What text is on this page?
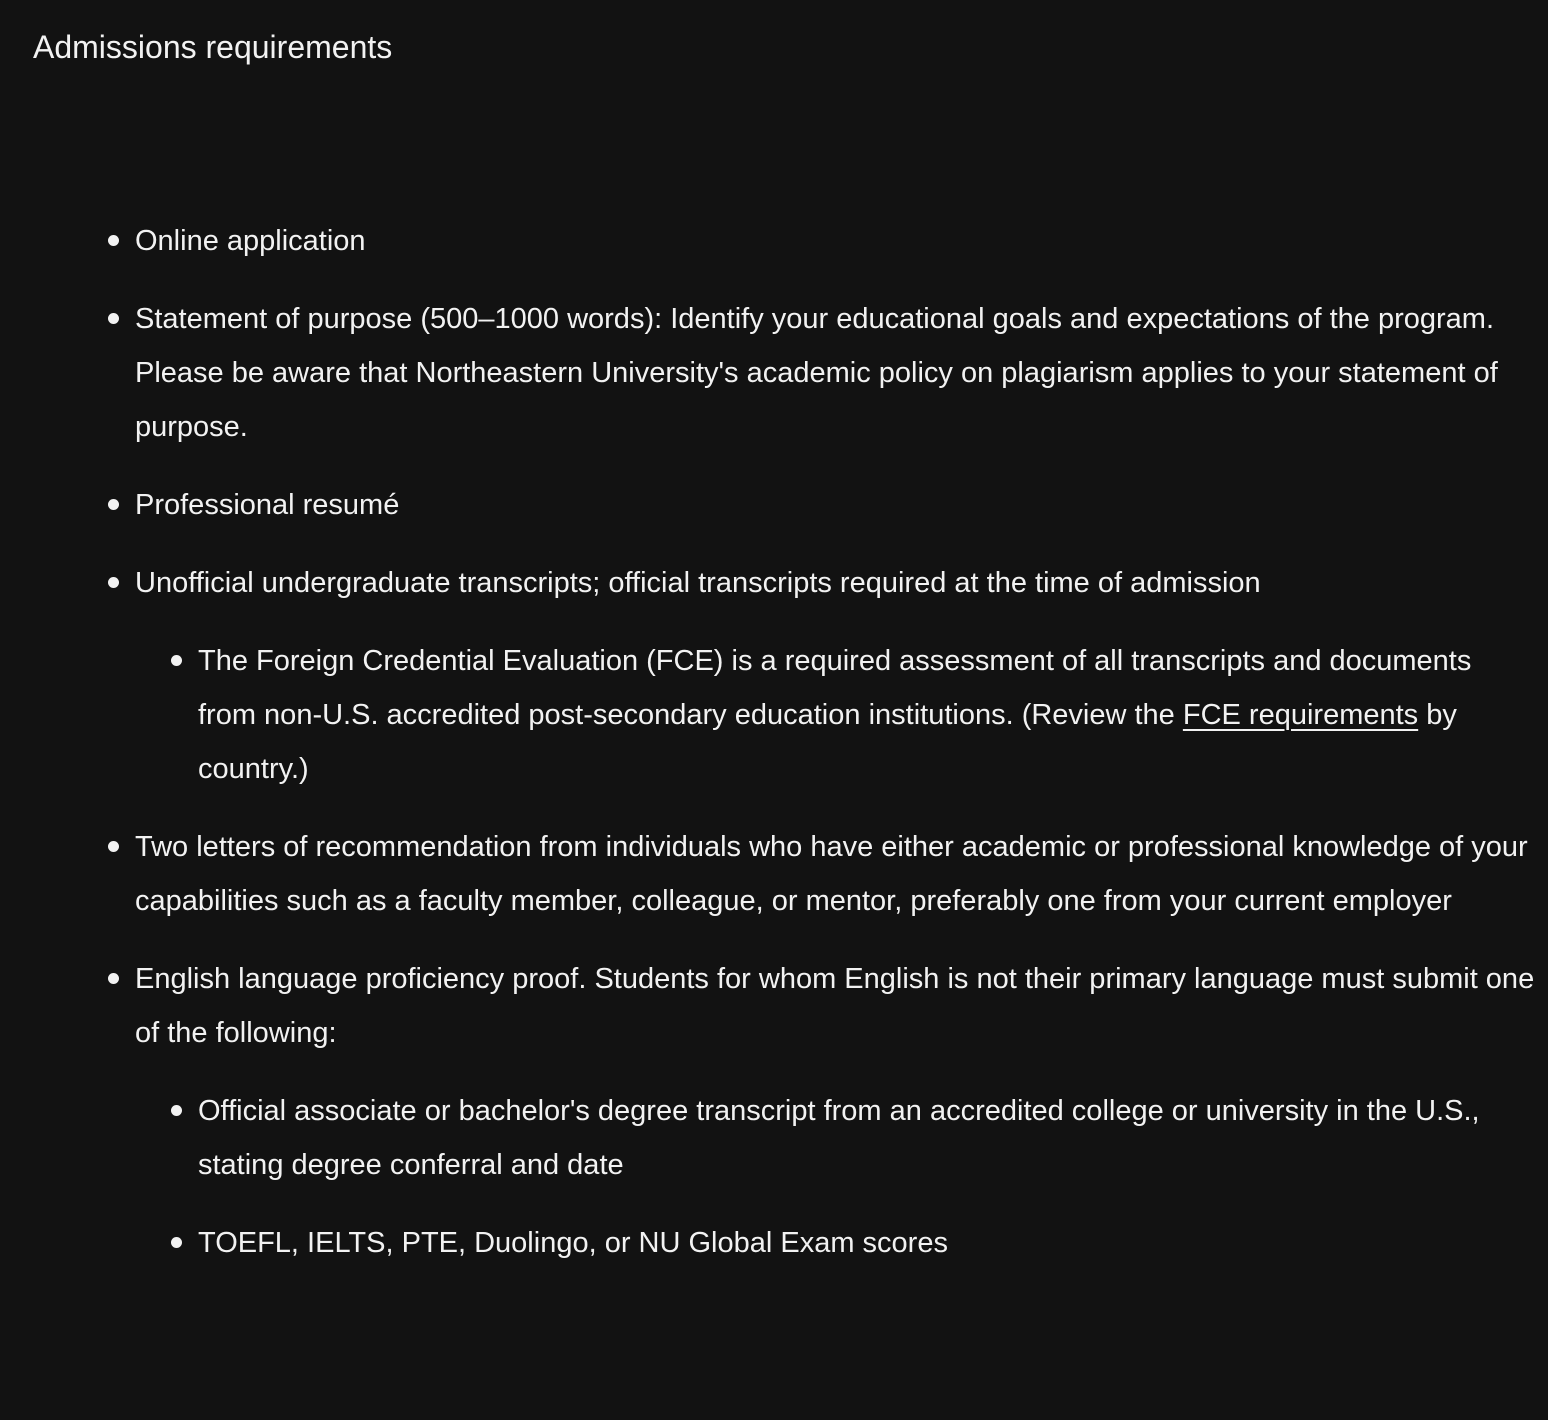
Admissions requirements
Online application
Statement of purpose (500–1000 words): Identify your educational goals and expectations of the program. Please be aware that Northeastern University's academic policy on plagiarism applies to your statement of purpose.
Professional resumé
Unofficial undergraduate transcripts; official transcripts required at the time of admission
The Foreign Credential Evaluation (FCE) is a required assessment of all transcripts and documents from non-U.S. accredited post-secondary education institutions. (Review the FCE requirements by country.)
Two letters of recommendation from individuals who have either academic or professional knowledge of your capabilities such as a faculty member, colleague, or mentor, preferably one from your current employer
English language proficiency proof. Students for whom English is not their primary language must submit one of the following:
Official associate or bachelor's degree transcript from an accredited college or university in the U.S., stating degree conferral and date
TOEFL, IELTS, PTE, Duolingo, or NU Global Exam scores
